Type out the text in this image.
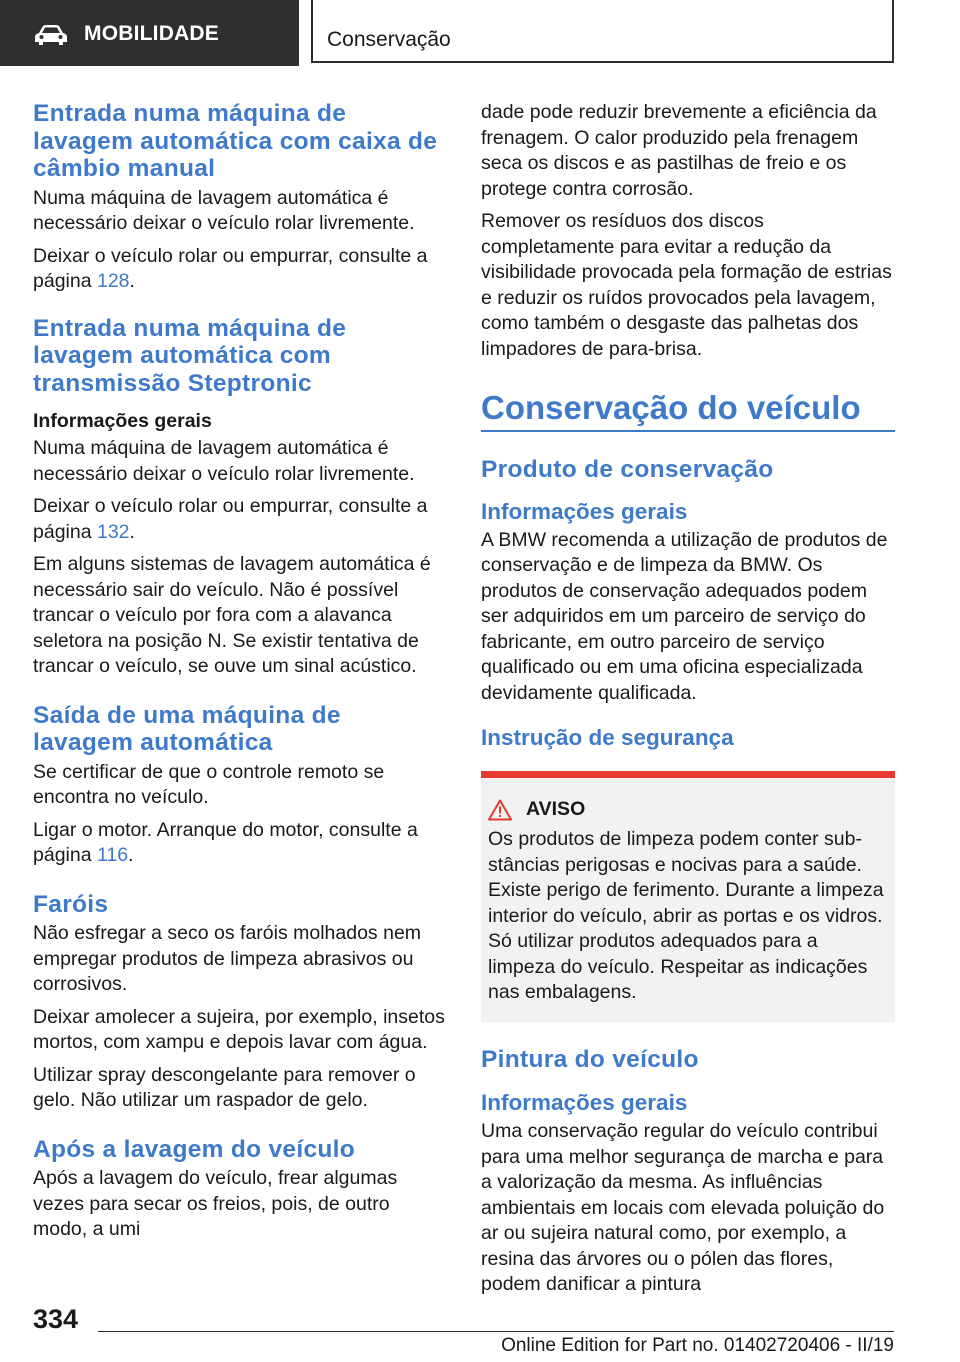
MOBILIDADE	Conservação
Entrada numa máquina de lavagem automática com caixa de câmbio manual

Numa máquina de lavagem automática é necessário deixar o veículo rolar livremente.

Deixar o veículo rolar ou empurrar, consulte a página 128.

Entrada numa máquina de lavagem automática com transmissão Steptronic
Informações gerais

Numa máquina de lavagem automática é necessário deixar o veículo rolar livremente.

Deixar o veículo rolar ou empurrar, consulte a página 132.

Em alguns sistemas de lavagem automática é necessário sair do veículo. Não é possível trancar o veículo por fora com a alavanca seletora na posição N. Se existir tentativa de trancar o veículo, se ouve um sinal acústico.

Saída de uma máquina de lavagem automática

Se certificar de que o controle remoto se encontra no veículo.

Ligar o motor. Arranque do motor, consulte a página 116.

Faróis

Não esfregar a seco os faróis molhados nem empregar produtos de limpeza abrasivos ou corrosivos.

Deixar amolecer a sujeira, por exemplo, insetos mortos, com xampu e depois lavar com água.

Utilizar spray descongelante para remover o gelo. Não utilizar um raspador de gelo.

Após a lavagem do veículo

Após a lavagem do veículo, frear algumas vezes para secar os freios, pois, de outro modo, a umi

dade pode reduzir brevemente a eficiência da frenagem. O calor produzido pela frenagem seca os discos e as pastilhas de freio e os protege contra corrosão.

Remover os resíduos dos discos completamente para evitar a redução da visibilidade provocada pela formação de estrias e reduzir os ruídos provocados pela lavagem, como também o desgaste das palhetas dos limpadores de para-brisa.

Conservação do veículo
Produto de conservação
Informações gerais

A BMW recomenda a utilização de produtos de conservação e de limpeza da BMW. Os produtos de conservação adequados podem ser adquiridos em um parceiro de serviço do fabricante, em outro parceiro de serviço qualificado ou em uma oficina especializada devidamente qualificada.

Instrução de segurança
AVISO

Os produtos de limpeza podem conter substâncias perigosas e nocivas para a saúde. Existe perigo de ferimento. Durante a limpeza interior do veículo, abrir as portas e os vidros. Só utilizar produtos adequados para a limpeza do veículo. Respeitar as indicações nas embalagens.

Pintura do veículo
Informações gerais

Uma conservação regular do veículo contribui para uma melhor segurança de marcha e para a valorização da mesma. As influências ambientais em locais com elevada poluição do ar ou sujeira natural como, por exemplo, a resina das árvores ou o pólen das flores, podem danificar a pintura

334
Online Edition for Part no. 01402720406 - II/19
